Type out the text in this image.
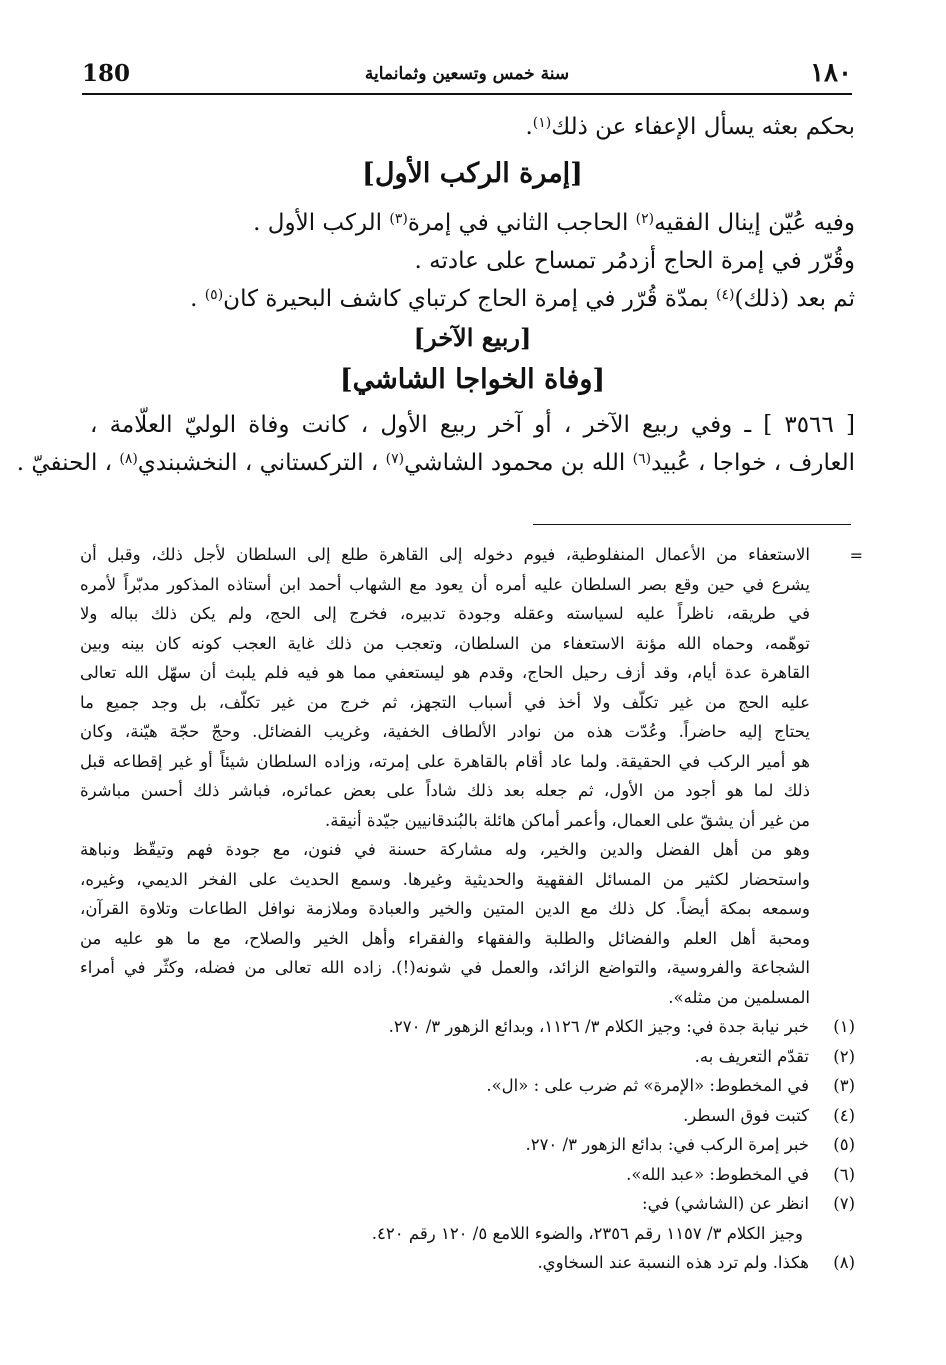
180	سنة خمس وتسعين وثمانماية	١٨٠
بحكم بعثه يسأل الإعفاء عن ذلك$^{(١)}$.
[إمرة الركب الأول]
وفيه عُيّن إينال الفقيه$^{(٢)}$ الحاجب الثاني في إمرة$^{(٣)}$ الركب الأول .
وقُرّر في إمرة الحاج أزدمُر تمساح على عادته .
ثم بعد (ذلك)$^{(٤)}$ بمدّة قُرّر في إمرة الحاج كرتباي كاشف البحيرة كان$^{(٥)}$ .
[ربيع الآخر]
[وفاة الخواجا الشاشي]
[ ٣٥٦٦ ] ـ وفي ربيع الآخر ، أو آخر ربيع الأول ، كانت وفاة الوليّ العلّامة ،
العارف ، خواجا ، عُبيد$^{(٦)}$ الله بن محمود الشاشي$^{(٧)}$ ، التركستاني ، النخشبندي$^{(٨)}$ ، الحنفيّ .
=
الاستعفاء من الأعمال المنفلوطية، فيوم دخوله إلى القاهرة طلع إلى السلطان لأجل ذلك، وقبل أن
يشرع في حين وقع بصر السلطان عليه أمره أن يعود مع الشهاب أحمد ابن أستاذه المذكور مدبّراً لأمره
في طريقه، ناظراً عليه لسياسته وعقله وجودة تدبيره، فخرج إلى الحج، ولم يكن ذلك بباله ولا
توهّمه، وحماه الله مؤنة الاستعفاء من السلطان، وتعجب من ذلك غاية العجب كونه كان بينه وبين
القاهرة عدة أيام، وقد أزف رحيل الحاج، وقدم هو ليستعفي مما هو فيه فلم يلبث أن سهّل الله تعالى
عليه الحج من غير تكلّف ولا أخذ في أسباب التجهز، ثم خرج من غير تكلّف، بل وجد جميع ما
يحتاج إليه حاضراً. وعُدّت هذه من نوادر الألطاف الخفية، وغريب الفضائل. وحجّ حجّة هيّنة، وكان
هو أمير الركب في الحقيقة. ولما عاد أقام بالقاهرة على إمرته، وزاده السلطان شيئاً أو غير إقطاعه قبل
ذلك لما هو أجود من الأول، ثم جعله بعد ذلك شاداً على بعض عمائره، فباشر ذلك أحسن مباشرة
من غير أن يشقّ على العمال، وأعمر أماكن هائلة بالبُندقانيين جيّدة أنيقة.
وهو من أهل الفضل والدين والخير، وله مشاركة حسنة في فنون، مع جودة فهم وتيقّظ ونباهة
واستحضار لكثير من المسائل الفقهية والحديثية وغيرها. وسمع الحديث على الفخر الديمي، وغيره،
وسمعه بمكة أيضاً. كل ذلك مع الدين المتين والخير والعبادة وملازمة نوافل الطاعات وتلاوة القرآن،
ومحبة أهل العلم والفضائل والطلبة والفقهاء والفقراء وأهل الخير والصلاح، مع ما هو عليه من
الشجاعة والفروسية، والتواضع الزائد، والعمل في شونه(!). زاده الله تعالى من فضله، وكثّر في أمراء
المسلمين من مثله».
(١)خبر نيابة جدة في: وجيز الكلام ٣/ ١١٢٦، وبدائع الزهور ٣/ ٢٧٠.
(٢)تقدّم التعريف به.
(٣)في المخطوط: «الإمرة» ثم ضرب على : «ال».
(٤)كتبت فوق السطر.
(٥)خبر إمرة الركب في: بدائع الزهور ٣/ ٢٧٠.
(٦)في المخطوط: «عبد الله».
(٧)انظر عن (الشاشي) في:
وجيز الكلام ٣/ ١١٥٧ رقم ٢٣٥٦، والضوء اللامع ٥/ ١٢٠ رقم ٤٢٠.
(٨)هكذا. ولم ترد هذه النسبة عند السخاوي.
